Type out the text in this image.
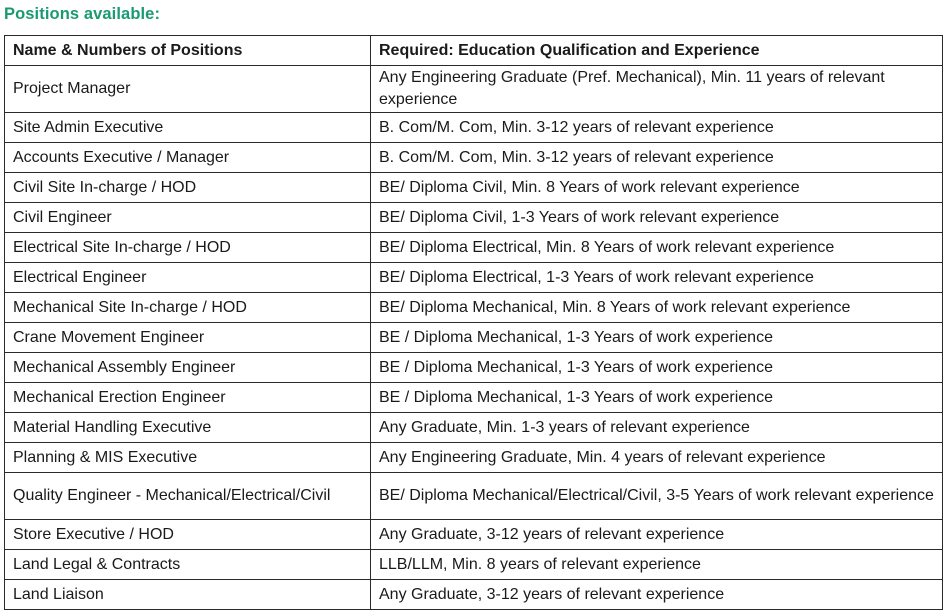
Positions available:
Name & Numbers of Positions	Required: Education Qualification and Experience
Project Manager	Any Engineering Graduate (Pref. Mechanical), Min. 11 years of relevant experience
Site Admin Executive	B. Com/M. Com, Min. 3-12 years of relevant experience
Accounts Executive / Manager	B. Com/M. Com, Min. 3-12 years of relevant experience
Civil Site In-charge / HOD	BE/ Diploma Civil, Min. 8 Years of work relevant experience
Civil Engineer	BE/ Diploma Civil, 1-3 Years of work relevant experience
Electrical Site In-charge / HOD	BE/ Diploma Electrical, Min. 8 Years of work relevant experience
Electrical Engineer	BE/ Diploma Electrical, 1-3 Years of work relevant experience
Mechanical Site In-charge / HOD	BE/ Diploma Mechanical, Min. 8 Years of work relevant experience
Crane Movement Engineer	BE / Diploma Mechanical, 1-3 Years of work experience
Mechanical Assembly Engineer	BE / Diploma Mechanical, 1-3 Years of work experience
Mechanical Erection Engineer	BE / Diploma Mechanical, 1-3 Years of work experience
Material Handling Executive	Any Graduate, Min. 1-3 years of relevant experience
Planning & MIS Executive	Any Engineering Graduate, Min. 4 years of relevant experience
Quality Engineer - Mechanical/Electrical/Civil	BE/ Diploma Mechanical/Electrical/Civil, 3-5 Years of work relevant experience
Store Executive / HOD	Any Graduate, 3-12 years of relevant experience
Land Legal & Contracts	LLB/LLM, Min. 8 years of relevant experience
Land Liaison	Any Graduate, 3-12 years of relevant experience
